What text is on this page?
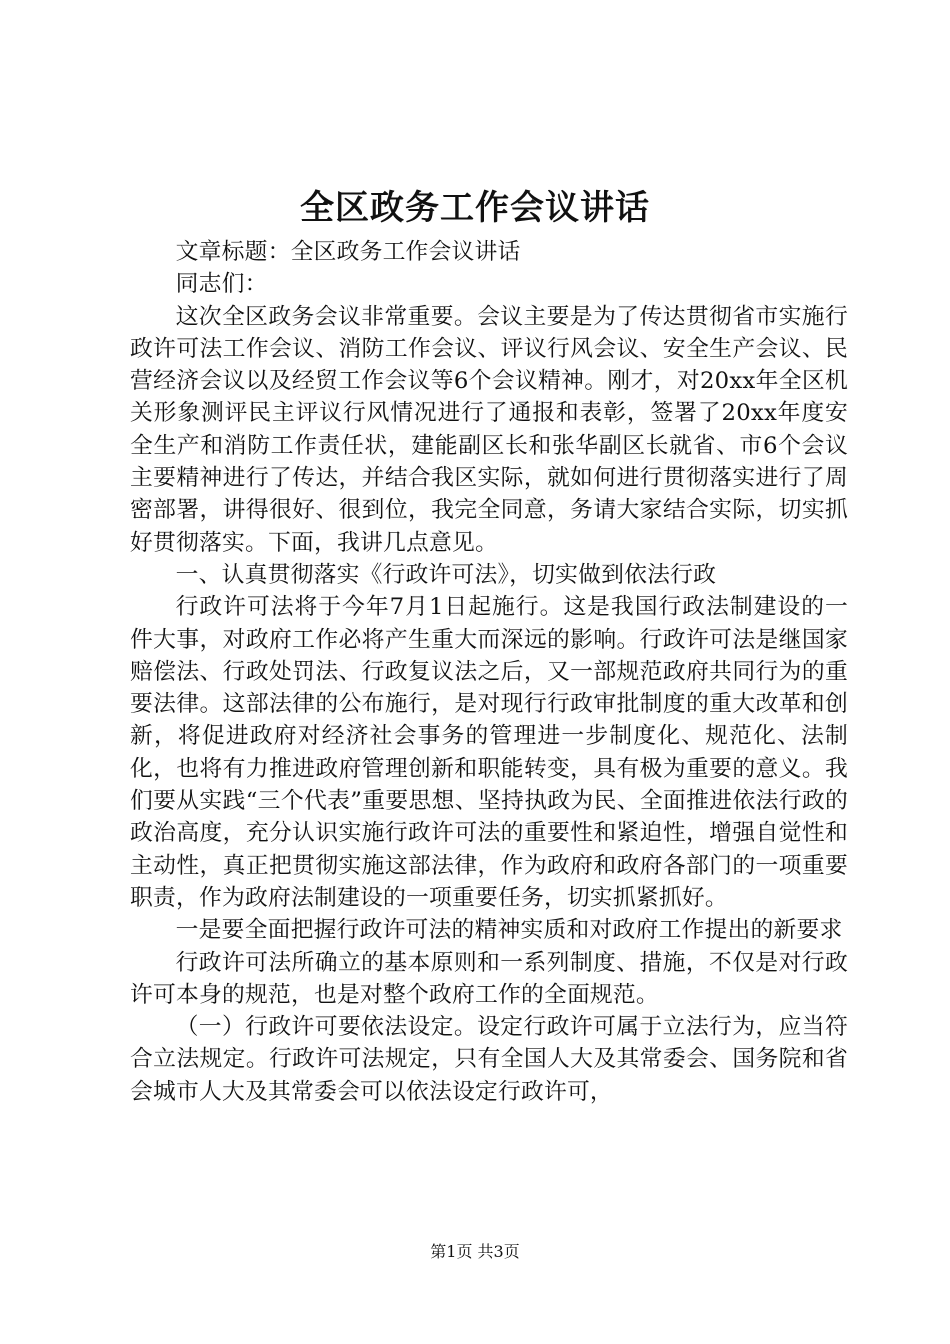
全区政务工作会议讲话

文章标题：全区政务工作会议讲话

同志们：

这次全区政务会议非常重要。会议主要是为了传达贯彻省市实施行政许可法工作会议、消防工作会议、评议行风会议、安全生产会议、民营经济会议以及经贸工作会议等6个会议精神。刚才，对20xx年全区机关形象测评民主评议行风情况进行了通报和表彰，签署了20xx年度安全生产和消防工作责任状，建能副区长和张华副区长就省、市6个会议主要精神进行了传达，并结合我区实际，就如何进行贯彻落实进行了周密部署，讲得很好、很到位，我完全同意，务请大家结合实际，切实抓好贯彻落实。下面，我讲几点意见。

一、认真贯彻落实《行政许可法》，切实做到依法行政

行政许可法将于今年7月1日起施行。这是我国行政法制建设的一件大事，对政府工作必将产生重大而深远的影响。行政许可法是继国家赔偿法、行政处罚法、行政复议法之后，又一部规范政府共同行为的重要法律。这部法律的公布施行，是对现行行政审批制度的重大改革和创新，将促进政府对经济社会事务的管理进一步制度化、规范化、法制化，也将有力推进政府管理创新和职能转变，具有极为重要的意义。我们要从实践“三个代表”重要思想、坚持执政为民、全面推进依法行政的政治高度，充分认识实施行政许可法的重要性和紧迫性，增强自觉性和主动性，真正把贯彻实施这部法律，作为政府和政府各部门的一项重要职责，作为政府法制建设的一项重要任务，切实抓紧抓好。

一是要全面把握行政许可法的精神实质和对政府工作提出的新要求

行政许可法所确立的基本原则和一系列制度、措施，不仅是对行政许可本身的规范，也是对整个政府工作的全面规范。

（一）行政许可要依法设定。设定行政许可属于立法行为，应当符合立法规定。行政许可法规定，只有全国人大及其常委会、国务院和省会城市人大及其常委会可以依法设定行政许可，

第1页 共3页
